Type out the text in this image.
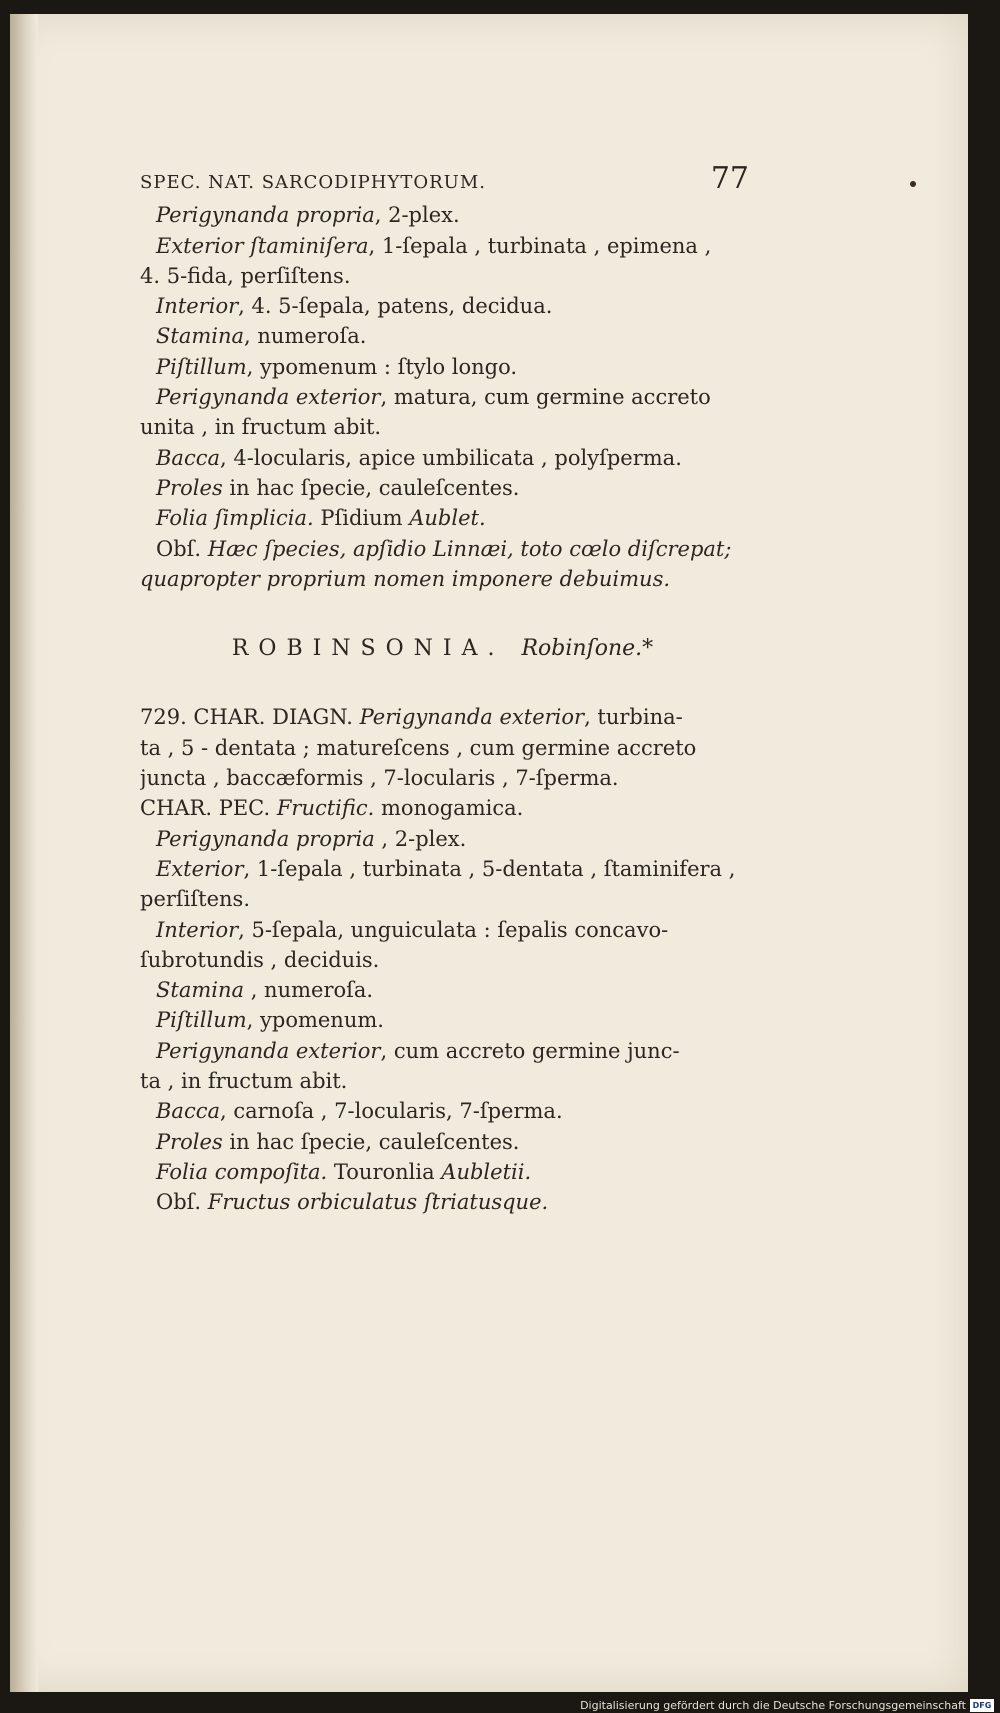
SPEC. NAT. SARCODIPHYTORUM.	77
Perigynanda propria, 2-plex.
Exterior ſtaminiſera, 1-ſepala , turbinata , epimena ,
4. 5-fida, perſiſtens.
Interior, 4. 5-ſepala, patens, decidua.
Stamina, numeroſa.
Piſtillum, ypomenum : ſtylo longo.
Perigynanda exterior, matura, cum germine accreto
unita , in fructum abit.
Bacca, 4-locularis, apice umbilicata , polyſperma.
Proles in hac ſpecie, cauleſcentes.
Folia ſimplicia. Pſidium Aublet.
Obſ. Hæc ſpecies, apſidio Linnæi, toto cœlo diſcrepat;
quapropter proprium nomen imponere debuimus.
ROBINSONIA. Robinſone.*
729. CHAR. DIAGN. Perigynanda exterior, turbina-
ta , 5 - dentata ; matureſcens , cum germine accreto
juncta , baccæformis , 7-locularis , 7-ſperma.
CHAR. PEC. Fructific. monogamica.
Perigynanda propria , 2-plex.
Exterior, 1-ſepala , turbinata , 5-dentata , ſtaminifera ,
perſiſtens.
Interior, 5-ſepala, unguiculata : ſepalis concavo-
ſubrotundis , deciduis.
Stamina , numeroſa.
Piſtillum, ypomenum.
Perigynanda exterior, cum accreto germine junc-
ta , in fructum abit.
Bacca, carnoſa , 7-locularis, 7-ſperma.
Proles in hac ſpecie, cauleſcentes.
Folia compoſita. Touronlia Aubletii.
Obſ. Fructus orbiculatus ſtriatusque.
Digitalisierung gefördert durch die Deutsche Forschungsgemeinschaft DFG
